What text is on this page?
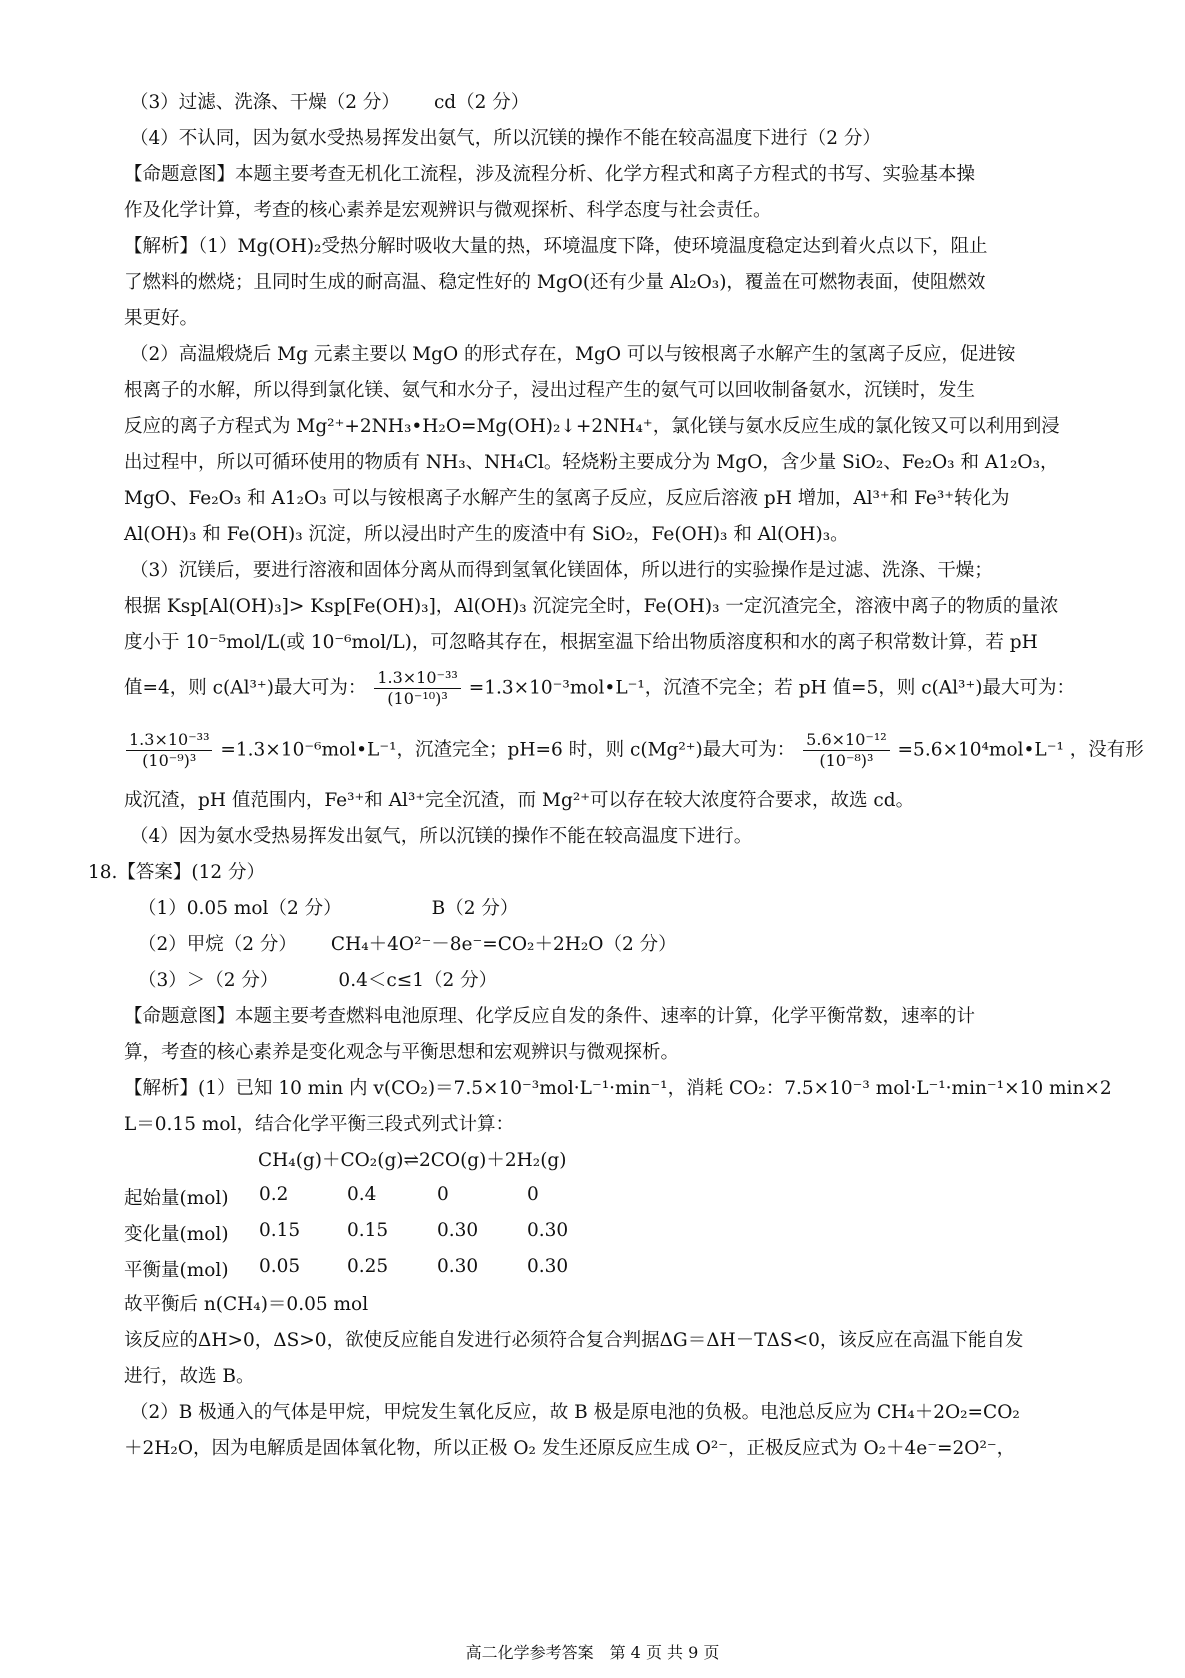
（3）过滤、洗涤、干燥（2 分） cd（2 分）
（4）不认同，因为氨水受热易挥发出氨气，所以沉镁的操作不能在较高温度下进行（2 分）
【命题意图】本题主要考查无机化工流程，涉及流程分析、化学方程式和离子方程式的书写、实验基本操
作及化学计算，考查的核心素养是宏观辨识与微观探析、科学态度与社会责任。
【解析】（1）Mg(OH)₂受热分解时吸收大量的热，环境温度下降，使环境温度稳定达到着火点以下，阻止
了燃料的燃烧；且同时生成的耐高温、稳定性好的 MgO(还有少量 Al₂O₃)，覆盖在可燃物表面，使阻燃效
果更好。
（2）高温煅烧后 Mg 元素主要以 MgO 的形式存在，MgO 可以与铵根离子水解产生的氢离子反应，促进铵
根离子的水解，所以得到氯化镁、氨气和水分子，浸出过程产生的氨气可以回收制备氨水，沉镁时，发生
反应的离子方程式为 Mg²⁺+2NH₃•H₂O=Mg(OH)₂↓+2NH₄⁺，氯化镁与氨水反应生成的氯化铵又可以利用到浸
出过程中，所以可循环使用的物质有 NH₃、NH₄Cl。轻烧粉主要成分为 MgO，含少量 SiO₂、Fe₂O₃ 和 A1₂O₃，
MgO、Fe₂O₃ 和 A1₂O₃ 可以与铵根离子水解产生的氢离子反应，反应后溶液 pH 增加，Al³⁺和 Fe³⁺转化为
Al(OH)₃ 和 Fe(OH)₃ 沉淀，所以浸出时产生的废渣中有 SiO₂，Fe(OH)₃ 和 Al(OH)₃。
（3）沉镁后，要进行溶液和固体分离从而得到氢氧化镁固体，所以进行的实验操作是过滤、洗涤、干燥；
根据 Ksp[Al(OH)₃]> Ksp[Fe(OH)₃]，Al(OH)₃ 沉淀完全时，Fe(OH)₃ 一定沉渣完全，溶液中离子的物质的量浓
度小于 10⁻⁵mol/L(或 10⁻⁶mol/L)，可忽略其存在，根据室温下给出物质溶度积和水的离子积常数计算，若 pH
值=4，则 c(Al³⁺)最大可为： $\frac{\text{1.3×10⁻³³}}{\text{(10⁻¹⁰)³}}$ =1.3×10⁻³mol•L⁻¹，沉渣不完全；若 pH 值=5，则 c(Al³⁺)最大可为：
$\frac{\text{1.3×10⁻³³}}{\text{(10⁻⁹)³}}$ =1.3×10⁻⁶mol•L⁻¹，沉渣完全；pH=6 时，则 c(Mg²⁺)最大可为： $\frac{\text{5.6×10⁻¹²}}{\text{(10⁻⁸)³}}$ =5.6×10⁴mol•L⁻¹ ，没有形
成沉渣，pH 值范围内，Fe³⁺和 Al³⁺完全沉渣，而 Mg²⁺可以存在较大浓度符合要求，故选 cd。
（4）因为氨水受热易挥发出氨气，所以沉镁的操作不能在较高温度下进行。
18.【答案】(12 分）
（1）0.05 mol（2 分）	B（2 分）
（2）甲烷（2 分） CH₄＋4O²⁻－8e⁻=CO₂＋2H₂O（2 分）
（3）＞（2 分）	0.4＜c≤1（2 分）
【命题意图】本题主要考查燃料电池原理、化学反应自发的条件、速率的计算，化学平衡常数，速率的计
算，考查的核心素养是变化观念与平衡思想和宏观辨识与微观探析。
【解析】(1）已知 10 min 内 v(CO₂)＝7.5×10⁻³mol·L⁻¹·min⁻¹，消耗 CO₂：7.5×10⁻³ mol·L⁻¹·min⁻¹×10 min×2
L＝0.15 mol，结合化学平衡三段式列式计算：
CH₄(g)＋CO₂(g)⇌2CO(g)＋2H₂(g)
起始量(mol)	0.2	0.4	0	0
变化量(mol)	0.15	0.15	0.30	0.30
平衡量(mol)	0.05	0.25	0.30	0.30
故平衡后 n(CH₄)＝0.05 mol
该反应的ΔH>0，ΔS>0，欲使反应能自发进行必须符合复合判据ΔG＝ΔH－TΔS<0，该反应在高温下能自发
进行，故选 B。
（2）B 极通入的气体是甲烷，甲烷发生氧化反应，故 B 极是原电池的负极。电池总反应为 CH₄＋2O₂=CO₂
＋2H₂O，因为电解质是固体氧化物，所以正极 O₂ 发生还原反应生成 O²⁻，正极反应式为 O₂＋4e⁻=2O²⁻，
高二化学参考答案　第 4 页 共 9 页
